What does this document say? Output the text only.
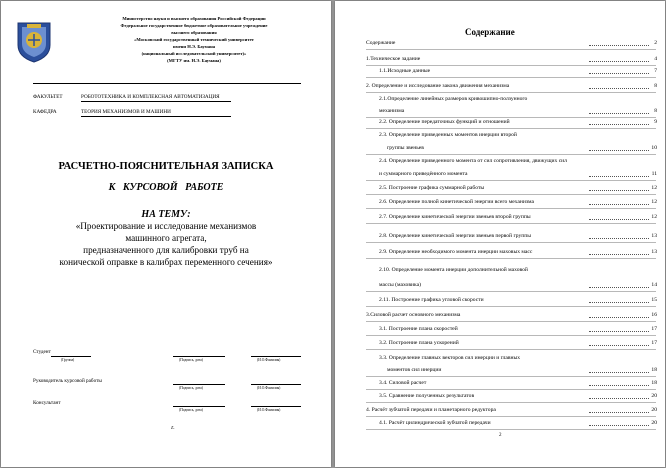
Министерство науки и высшего образования Российской Федерации
Федеральное государственное бюджетное образовательное учреждение
высшего образования
«Московский государственный технический университет
имени Н.Э. Баумана
(национальный исследовательский университет)»
(МГТУ им. Н.Э. Баумана)
ФАКУЛЬТЕТ	РОБОТОТЕХНИКА И КОМПЛЕКСНАЯ АВТОМАТИЗАЦИЯ
КАФЕДРА	ТЕОРИЯ МЕХАНИЗМОВ И МАШИНИ
РАСЧЕТНО-ПОЯСНИТЕЛЬНАЯ ЗАПИСКА
К   КУРСОВОЙ   РАБОТЕ
НА ТЕМУ:
«Проектирование и исследование механизмов
машинного агрегата,
предназначенного для калибровки труб на
конической оправке в калибрах переменного сечения»
Студент
(Группа)	(Подпись, дата)	(И.О.Фамилия)
Руководитель курсовой работы
(Подпись, дата)	(И.О.Фамилия)
Консультант
(Подпись, дата)	(И.О.Фамилия)
г.
Содержание
Содержание	2
1.Техническое задание	4
1.1.Исходные данные	7
2. Определение и исследование закона движения механизма	8
2.1.Определение линейных размеров кривошипно-ползунного
механизма	8
2.2. Определение передаточных функций и отношений	9
2.3. Определение приведенных моментов инерции второй
группы звеньев	10
2.4. Определение приведенного момента от сил сопротивления, движущих сил
и суммарного приведённого момента	11
2.5. Построение графика суммарной работы	12
2.6. Определение полной кинетической энергии всего механизма	12
2.7. Определение кинетической энергии звеньев второй группы	12
2.8. Определение кинетической энергии звеньев первой группы	13
2.9. Определение необходимого момента инерции маховых масс	13
2.10. Определение момента инерции дополнительной маховой
массы (маховика)	14
2.11. Построение графика угловой скорости	15
3.Силовой расчет основного механизма	16
3.1. Построение плана скоростей	17
3.2. Построение плана ускорений	17
3.3. Определение главных векторов сил инерции и главных
моментов сил инерции	18
3.4. Силовой расчет	18
3.5. Сравнение полученных результатов	20
4. Расчёт зубчатой передачи и планетарного редуктора	20
4.1. Расчёт цилиндрической зубчатой передачи	20
2
